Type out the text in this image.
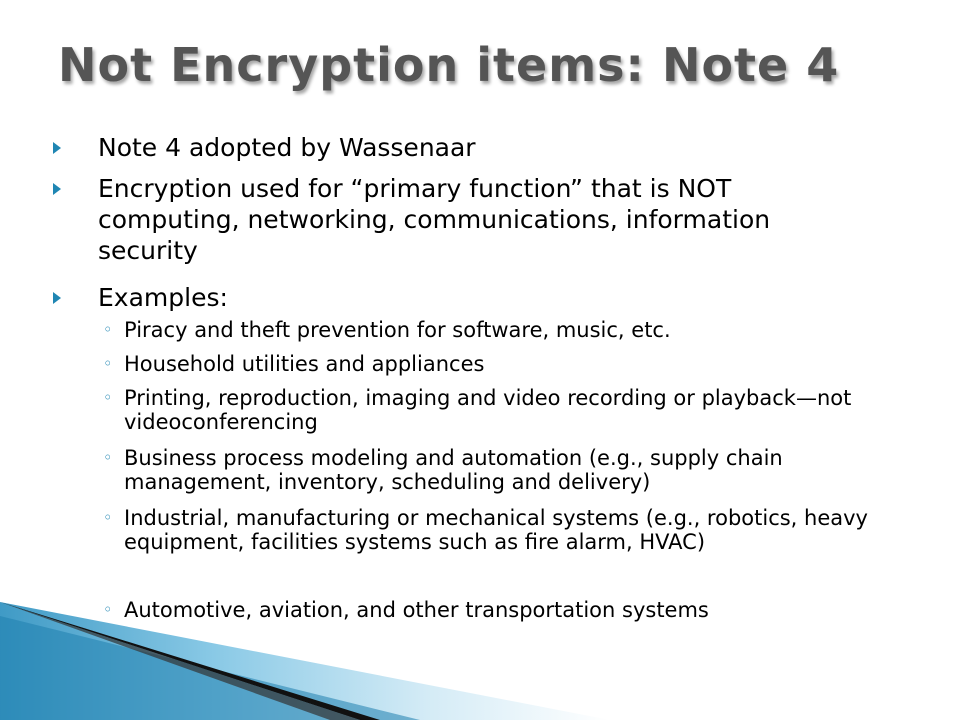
Not Encryption items: Note 4
Note 4 adopted by Wassenaar
Encryption used for “primary function” that is NOT computing, networking, communications, information security
Examples:
◦ Piracy and theft prevention for software, music, etc.
◦ Household utilities and appliances
◦ Printing, reproduction, imaging and video recording or playback—not videoconferencing
◦ Business process modeling and automation (e.g., supply chain management, inventory, scheduling and delivery)
◦ Industrial, manufacturing or mechanical systems (e.g., robotics, heavy equipment, facilities systems such as fire alarm, HVAC)
◦ Automotive, aviation, and other transportation systems
